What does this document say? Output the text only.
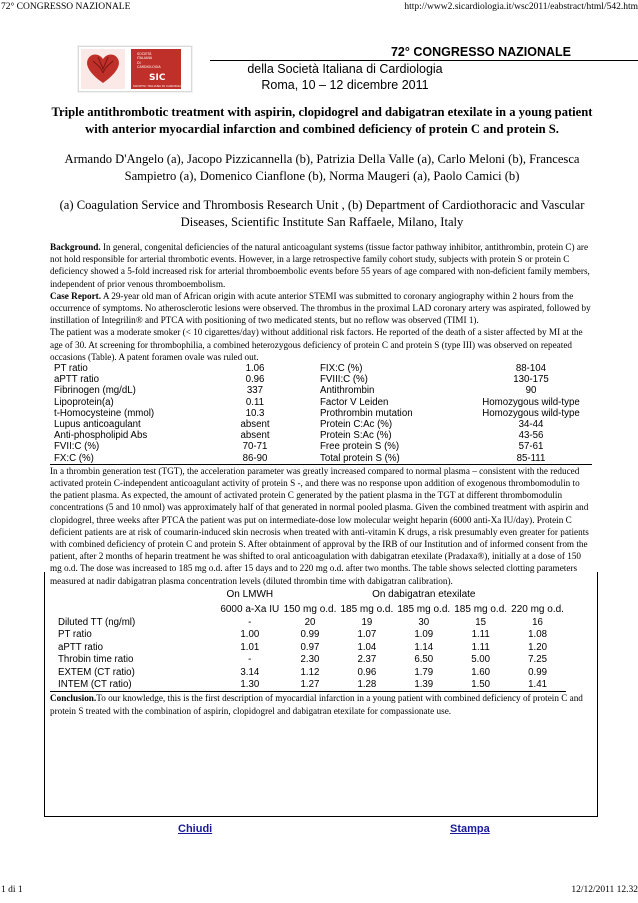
72° CONGRESSO NAZIONALE	http://www2.sicardiologia.it/wsc2011/eabstract/html/542.htm
SIC
SOCIETA' ITALIANA DI CARDIOLOGIA
SOCIETÀ
ITALIANA
DI
CARDIOLOGIA
72° CONGRESSO NAZIONALE
della Società Italiana di Cardiologia
Roma, 10 – 12 dicembre 2011
Triple antithrombotic treatment with aspirin, clopidogrel and dabigatran etexilate in a young patient with anterior myocardial infarction and combined deficiency of protein C and protein S.
Armando D'Angelo (a), Jacopo Pizzicannella (b), Patrizia Della Valle (a), Carlo Meloni (b), Francesca Sampietro (a), Domenico Cianflone (b), Norma Maugeri (a), Paolo Camici (b)
(a) Coagulation Service and Thrombosis Research Unit , (b) Department of Cardiothoracic and Vascular Diseases, Scientific Institute San Raffaele, Milano, Italy

Background. In general, congenital deficiencies of the natural anticoagulant systems (tissue factor pathway inhibitor, antithrombin, protein C) are not hold responsible for arterial thrombotic events. However, in a large retrospective family cohort study, subjects with protein S or protein C deficiency showed a 5-fold increased risk for arterial thromboembolic events before 55 years of age compared with non-deficient family members, independent of prior venous thromboembolism.

Case Report. A 29-year old man of African origin with acute anterior STEMI was submitted to coronary angiography within 2 hours from the occurrence of symptoms. No atherosclerotic lesions were observed. The thrombus in the proximal LAD coronary artery was aspirated, followed by instillation of Integrilin® and PTCA with positioning of two medicated stents, but no reflow was observed (TIMI 1).

The patient was a moderate smoker (< 10 cigarettes/day) without additional risk factors. He reported of the death of a sister affected by MI at the age of 30. At screening for thrombophilia, a combined heterozygous deficiency of protein C and protein S (type III) was observed on repeated occasions (Table). A patent foramen ovale was ruled out.

PT ratio	1.06	FIX:C (%)	88-104
aPTT ratio	0.96	FVIII:C (%)	130-175
Fibrinogen (mg/dL)	337	Antithrombin	90
Lipoprotein(a)	0.11	Factor V Leiden	Homozygous wild-type
t-Homocysteine (mmol)	10.3	Prothrombin mutation	Homozygous wild-type
Lupus anticoagulant	absent	Protein C:Ac (%)	34-44
Anti-phospholipid Abs	absent	Protein S:Ac (%)	43-56
FVII:C (%)	70-71	Free protein S (%)	57-61
FX:C (%)	86-90	Total protein S (%)	85-111

In a thrombin generation test (TGT), the acceleration parameter was greatly increased compared to normal plasma – consistent with the reduced activated protein C-independent anticoagulant activity of protein S -, and there was no response upon addition of exogenous thrombomodulin to the patient plasma. As expected, the amount of activated protein C generated by the patient plasma in the TGT at different thrombomodulin concentrations (5 and 10 nmol) was approximately half of that generated in normal pooled plasma. Given the combined treatment with aspirin and clopidogrel, three weeks after PTCA the patient was put on intermediate-dose low molecular weight heparin (6000 anti-Xa IU/day). Protein C deficient patients are at risk of coumarin-induced skin necrosis when treated with anti-vitamin K drugs, a risk presumably even greater for patients with combined deficiency of protein C and protein S. After obtainment of approval by the IRB of our Institution and of informed consent from the patient, after 2 months of heparin treatment he was shifted to oral anticoagulation with dabigatran etexilate (Pradaxa®), initially at a dose of 150 mg o.d. The dose was increased to 185 mg o.d. after 15 days and to 220 mg o.d. after two months. The table shows selected clotting parameters measured at nadir dabigatran plasma concentration levels (diluted thrombin time with dabigatran calibration).

	On LMWH	On dabigatran etexilate				
	6000 a-Xa IU	150 mg o.d.	185 mg o.d.	185 mg o.d.	185 mg o.d.	220 mg o.d.
Diluted TT (ng/ml)	-	20	19	30	15	16
PT ratio	1.00	0.99	1.07	1.09	1.11	1.08
aPTT ratio	1.01	0.97	1.04	1.14	1.11	1.20
Throbin time ratio	-	2.30	2.37	6.50	5.00	7.25
EXTEM (CT ratio)	3.14	1.12	0.96	1.79	1.60	0.99
INTEM (CT ratio)	1.30	1.27	1.28	1.39	1.50	1.41

Conclusion.To our knowledge, this is the first description of myocardial infarction in a young patient with combined deficiency of protein C and protein S treated with the combination of aspirin, clopidogrel and dabigatran etexilate for compassionate use.

Chiudi	Stampa
1 di 1	12/12/2011 12.32
